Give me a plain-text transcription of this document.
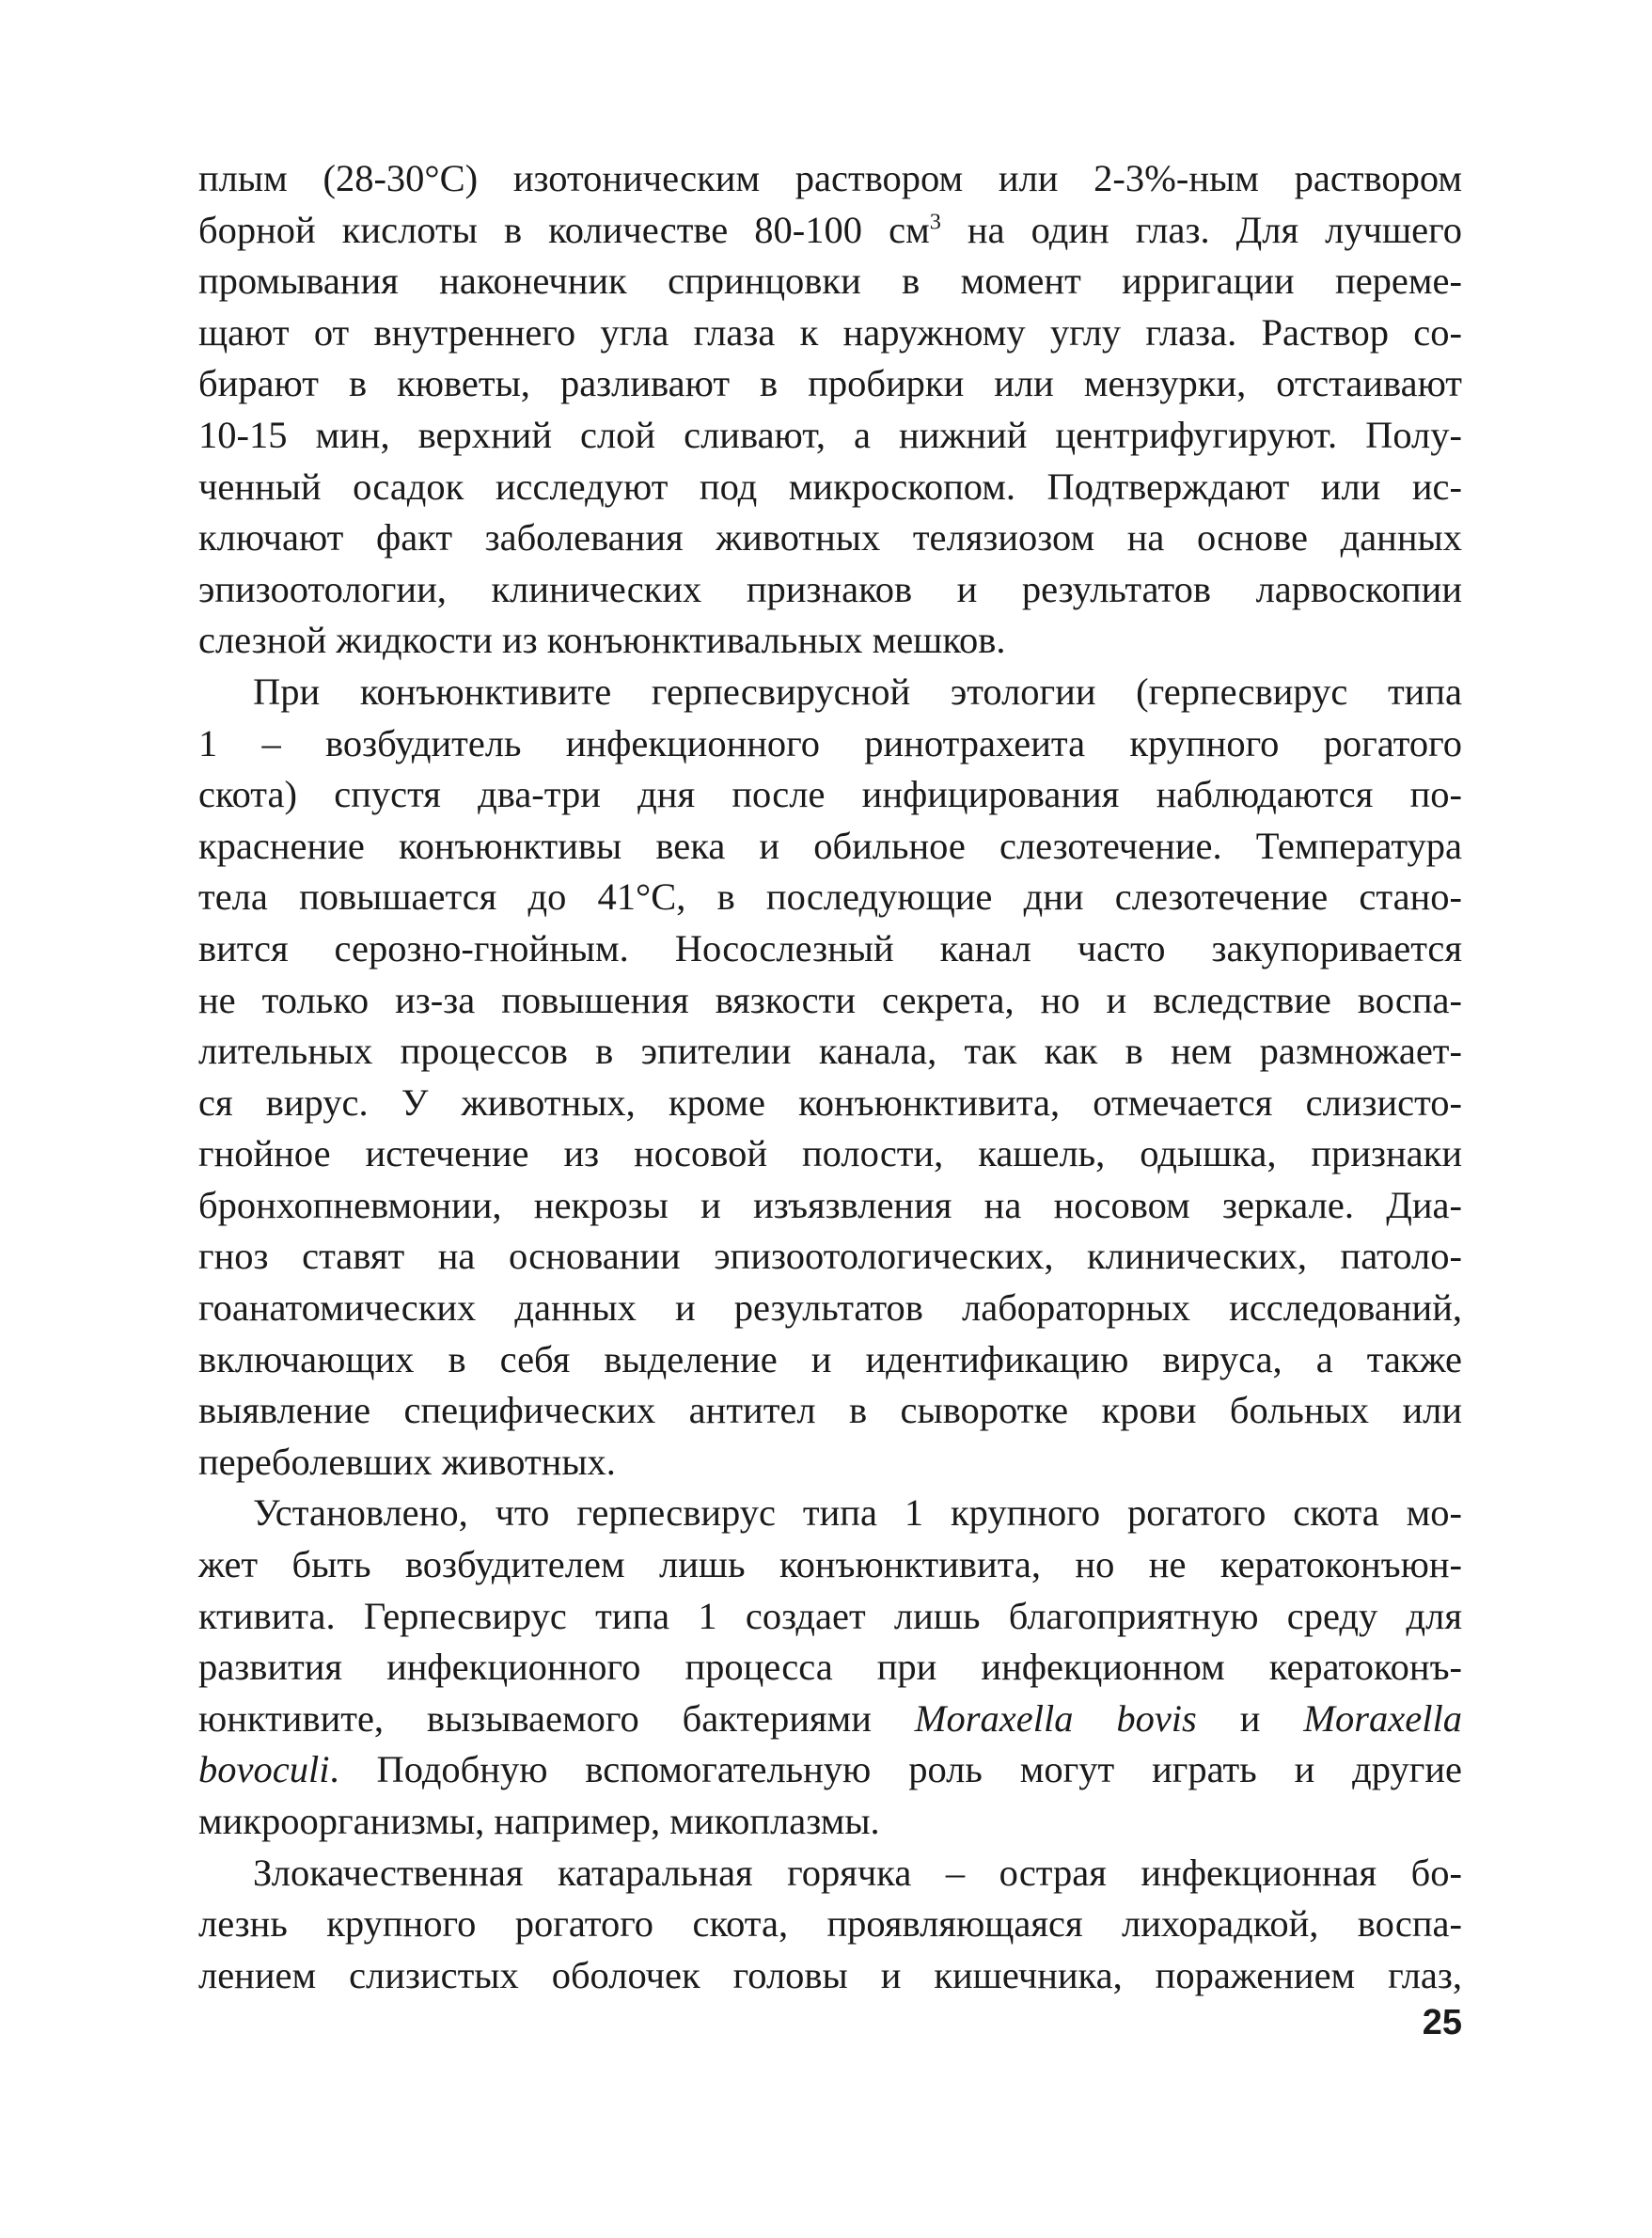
плым (28-30°С) изотоническим раствором или 2-3%-ным раствором
борной кислоты в количестве 80-100 $см^3$ на один глаз. Для лучшего
промывания наконечник спринцовки в момент ирригации переме-
щают от внутреннего угла глаза к наружному углу глаза. Раствор со-
бирают в кюветы, разливают в пробирки или мензурки, отстаивают
10-15 мин, верхний слой сливают, а нижний центрифугируют. Полу-
ченный осадок исследуют под микроскопом. Подтверждают или ис-
ключают факт заболевания животных телязиозом на основе данных
эпизоотологии, клинических признаков и результатов ларвоскопии
слезной жидкости из конъюнктивальных мешков.

При конъюнктивите герпесвирусной этологии (герпесвирус типа
1 – возбудитель инфекционного ринотрахеита крупного рогатого
скота) спустя два-три дня после инфицирования наблюдаются по-
краснение конъюнктивы века и обильное слезотечение. Температура
тела повышается до 41°С, в последующие дни слезотечение стано-
вится серозно-гнойным. Носослезный канал часто закупоривается
не только из-за повышения вязкости секрета, но и вследствие воспа-
лительных процессов в эпителии канала, так как в нем размножает-
ся вирус. У животных, кроме конъюнктивита, отмечается слизисто-
гнойное истечение из носовой полости, кашель, одышка, признаки
бронхопневмонии, некрозы и изъязвления на носовом зеркале. Диа-
гноз ставят на основании эпизоотологических, клинических, патоло-
гоанатомических данных и результатов лабораторных исследований,
включающих в себя выделение и идентификацию вируса, а также
выявление специфических антител в сыворотке крови больных или
переболевших животных.

Установлено, что герпесвирус типа 1 крупного рогатого скота мо-
жет быть возбудителем лишь конъюнктивита, но не кератоконъюн-
ктивита. Герпесвирус типа 1 создает лишь благоприятную среду для
развития инфекционного процесса при инфекционном кератоконъ-
юнктивите, вызываемого бактериями Moraxella bovis и Moraxella
bovoculi. Подобную вспомогательную роль могут играть и другие
микроорганизмы, например, микоплазмы.

Злокачественная катаральная горячка – острая инфекционная бо-
лезнь крупного рогатого скота, проявляющаяся лихорадкой, воспа-
лением слизистых оболочек головы и кишечника, поражением глаз,

25
